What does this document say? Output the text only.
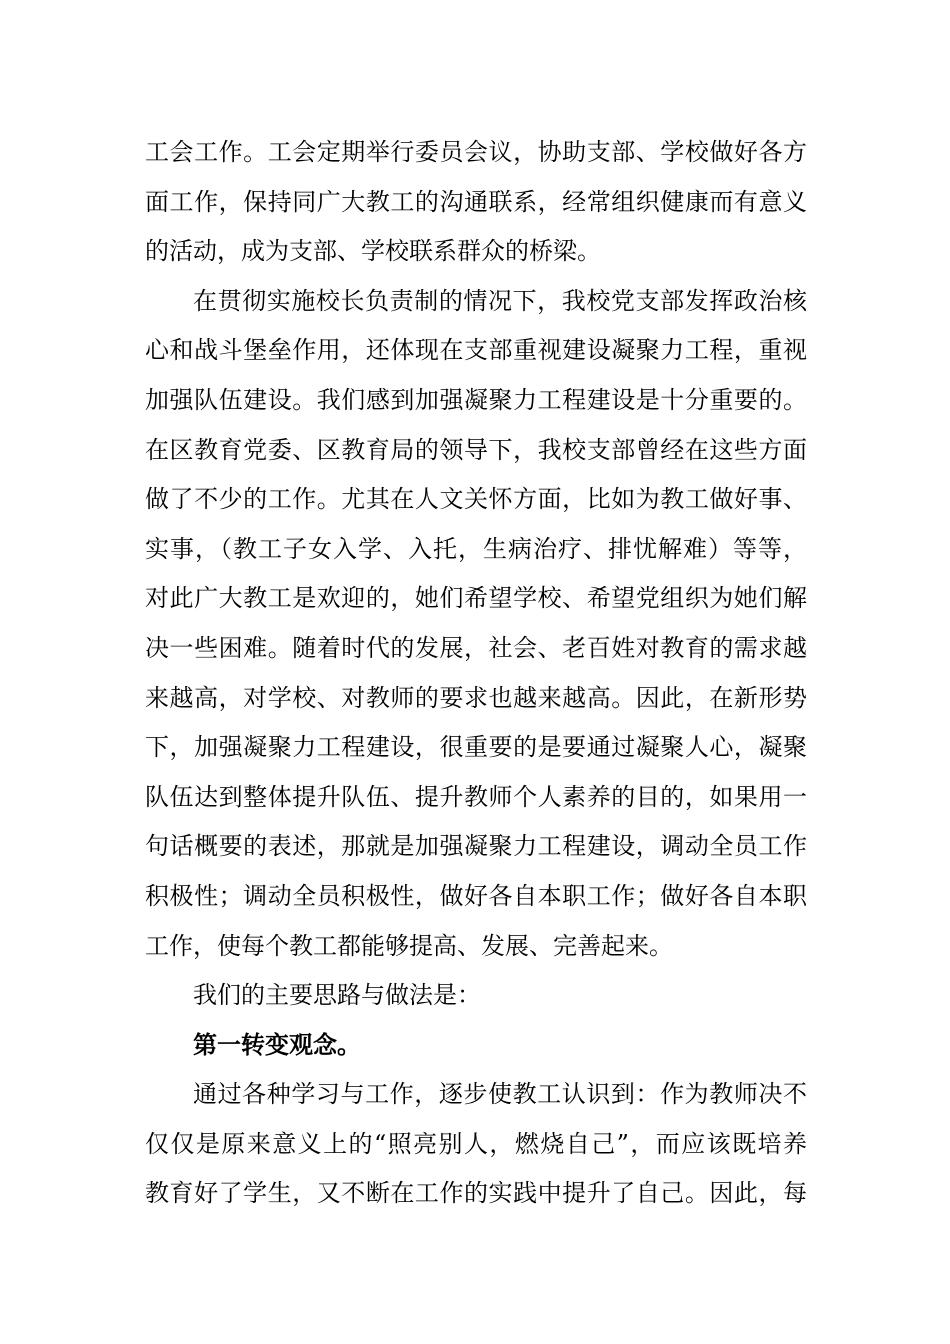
工会工作。工会定期举行委员会议，协助支部、学校做好各方
面工作，保持同广大教工的沟通联系，经常组织健康而有意义
的活动，成为支部、学校联系群众的桥梁。
在贯彻实施校长负责制的情况下，我校党支部发挥政治核
心和战斗堡垒作用，还体现在支部重视建设凝聚力工程，重视
加强队伍建设。我们感到加强凝聚力工程建设是十分重要的。
在区教育党委、区教育局的领导下，我校支部曾经在这些方面
做了不少的工作。尤其在人文关怀方面，比如为教工做好事、
实事，（教工子女入学、入托，生病治疗、排忧解难）等等，
对此广大教工是欢迎的，她们希望学校、希望党组织为她们解
决一些困难。随着时代的发展，社会、老百姓对教育的需求越
来越高，对学校、对教师的要求也越来越高。因此，在新形势
下，加强凝聚力工程建设，很重要的是要通过凝聚人心，凝聚
队伍达到整体提升队伍、提升教师个人素养的目的，如果用一
句话概要的表述，那就是加强凝聚力工程建设，调动全员工作
积极性；调动全员积极性，做好各自本职工作；做好各自本职
工作，使每个教工都能够提高、发展、完善起来。
我们的主要思路与做法是：
第一转变观念。
通过各种学习与工作，逐步使教工认识到：作为教师决不
仅仅是原来意义上的“照亮别人，燃烧自己”，而应该既培养
教育好了学生，又不断在工作的实践中提升了自己。因此，每
